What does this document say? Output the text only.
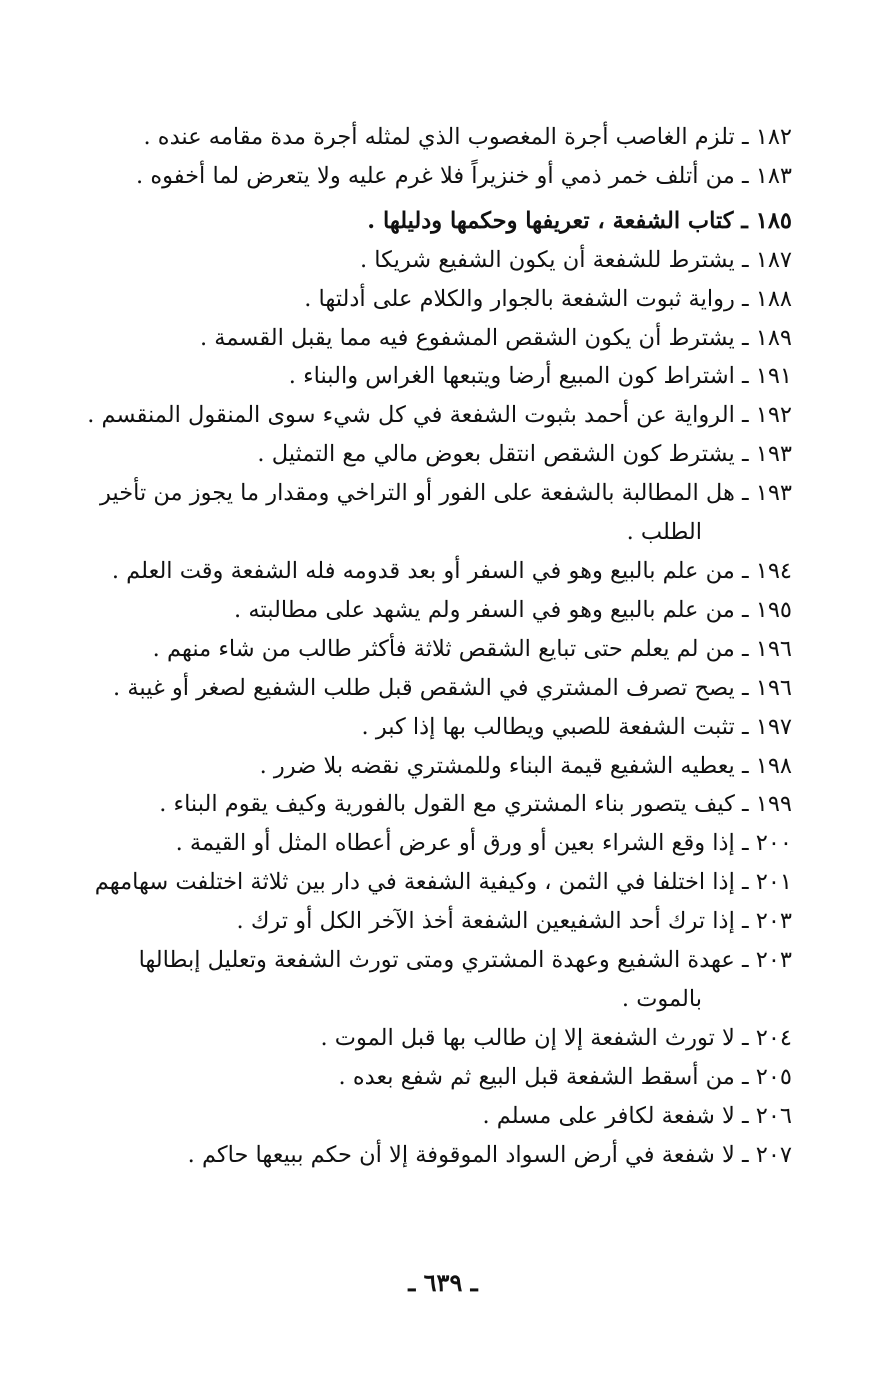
١٨٢ ـ تلزم الغاصب أجرة المغصوب الذي لمثله أجرة مدة مقامه عنده .
١٨٣ ـ من أتلف خمر ذمي أو خنزيراً فلا غرم عليه ولا يتعرض لما أخفوه .
١٨٥ ـ كتاب الشفعة ، تعريفها وحكمها ودليلها .
١٨٧ ـ يشترط للشفعة أن يكون الشفيع شريكا .
١٨٨ ـ رواية ثبوت الشفعة بالجوار والكلام على أدلتها .
١٨٩ ـ يشترط أن يكون الشقص المشفوع فيه مما يقبل القسمة .
١٩١ ـ اشتراط كون المبيع أرضا ويتبعها الغراس والبناء .
١٩٢ ـ الرواية عن أحمد بثبوت الشفعة في كل شيء سوى المنقول المنقسم .
١٩٣ ـ يشترط كون الشقص انتقل بعوض مالي مع التمثيل .
١٩٣ ـ هل المطالبة بالشفعة على الفور أو التراخي ومقدار ما يجوز من تأخير
الطلب .
١٩٤ ـ من علم بالبيع وهو في السفر أو بعد قدومه فله الشفعة وقت العلم .
١٩٥ ـ من علم بالبيع وهو في السفر ولم يشهد على مطالبته .
١٩٦ ـ من لم يعلم حتى تبايع الشقص ثلاثة فأكثر طالب من شاء منهم .
١٩٦ ـ يصح تصرف المشتري في الشقص قبل طلب الشفيع لصغر أو غيبة .
١٩٧ ـ تثبت الشفعة للصبي ويطالب بها إذا كبر .
١٩٨ ـ يعطيه الشفيع قيمة البناء وللمشتري نقضه بلا ضرر .
١٩٩ ـ كيف يتصور بناء المشتري مع القول بالفورية وكيف يقوم البناء .
٢٠٠ ـ إذا وقع الشراء بعين أو ورق أو عرض أعطاه المثل أو القيمة .
٢٠١ ـ إذا اختلفا في الثمن ، وكيفية الشفعة في دار بين ثلاثة اختلفت سهامهم
٢٠٣ ـ إذا ترك أحد الشفيعين الشفعة أخذ الآخر الكل أو ترك .
٢٠٣ ـ عهدة الشفيع وعهدة المشتري ومتى تورث الشفعة وتعليل إبطالها
بالموت .
٢٠٤ ـ لا تورث الشفعة إلا إن طالب بها قبل الموت .
٢٠٥ ـ من أسقط الشفعة قبل البيع ثم شفع بعده .
٢٠٦ ـ لا شفعة لكافر على مسلم .
٢٠٧ ـ لا شفعة في أرض السواد الموقوفة إلا أن حكم ببيعها حاكم .
ـ ٦٣٩ ـ
